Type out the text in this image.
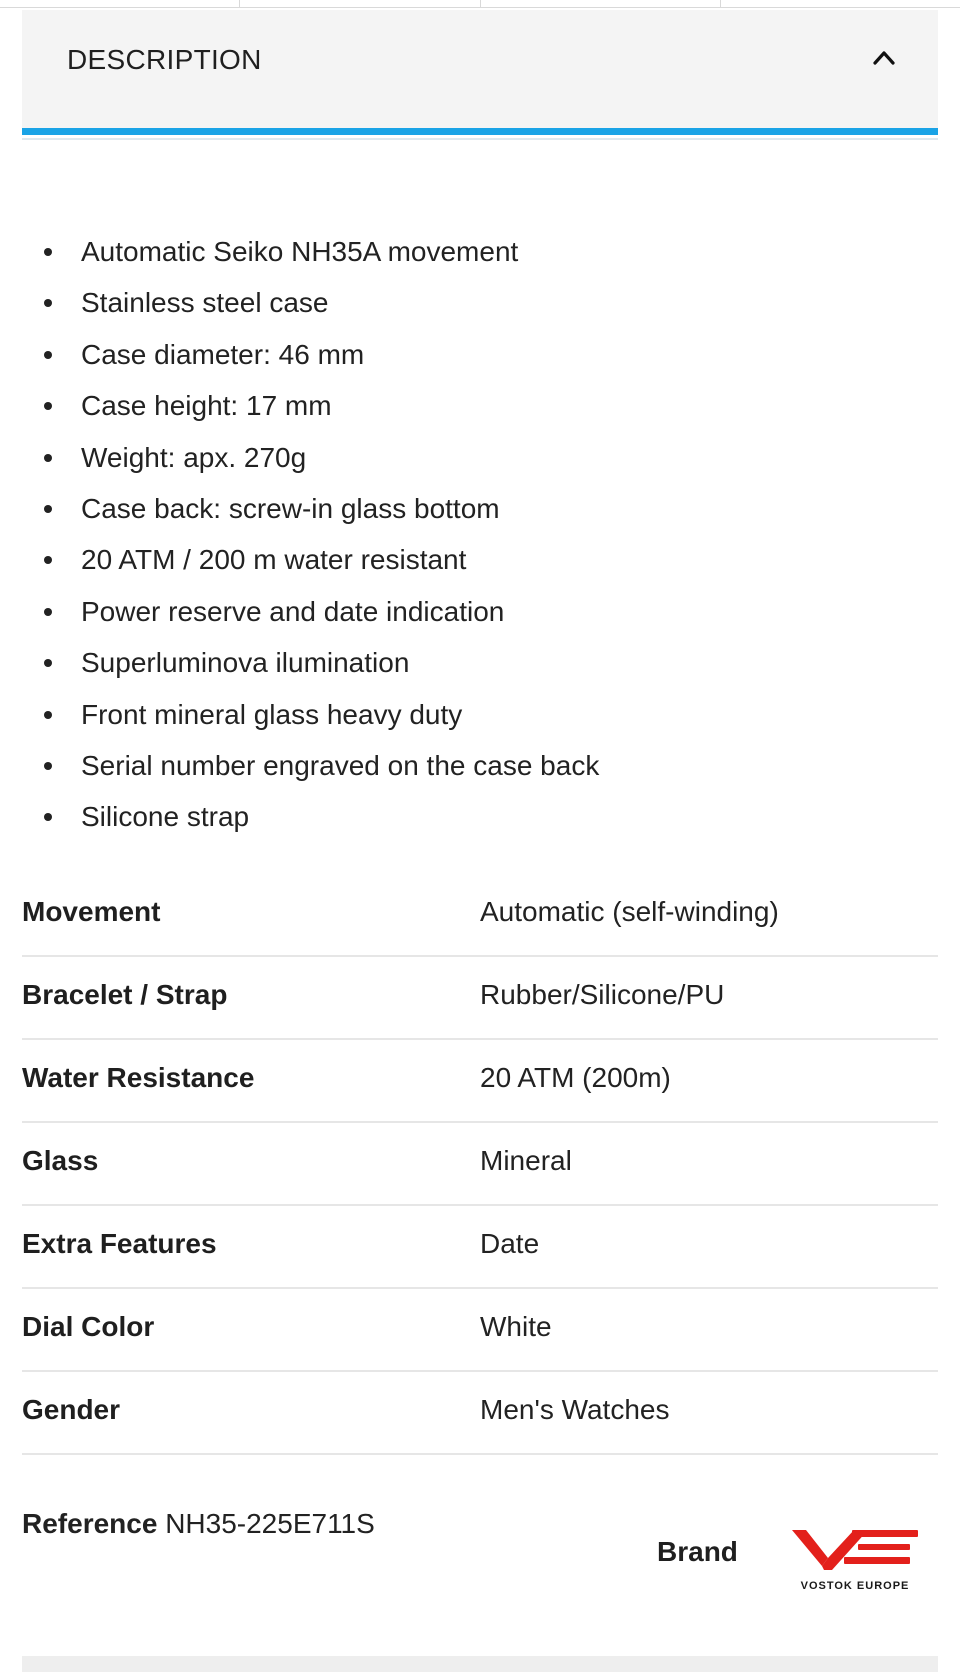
DESCRIPTION
Automatic Seiko NH35A movement
Stainless steel case
Case diameter: 46 mm
Case height: 17 mm
Weight: apx. 270g
Case back: screw-in glass bottom
20 ATM / 200 m water resistant
Power reserve and date indication
Superluminova ilumination
Front mineral glass heavy duty
Serial number engraved on the case back
Silicone strap
Movement	Automatic (self-winding)
Bracelet / Strap	Rubber/Silicone/PU
Water Resistance	20 ATM (200m)
Glass	Mineral
Extra Features	Date
Dial Color	White
Gender	Men's Watches
Reference NH35-225E711S
Brand
VOSTOK EUROPE
